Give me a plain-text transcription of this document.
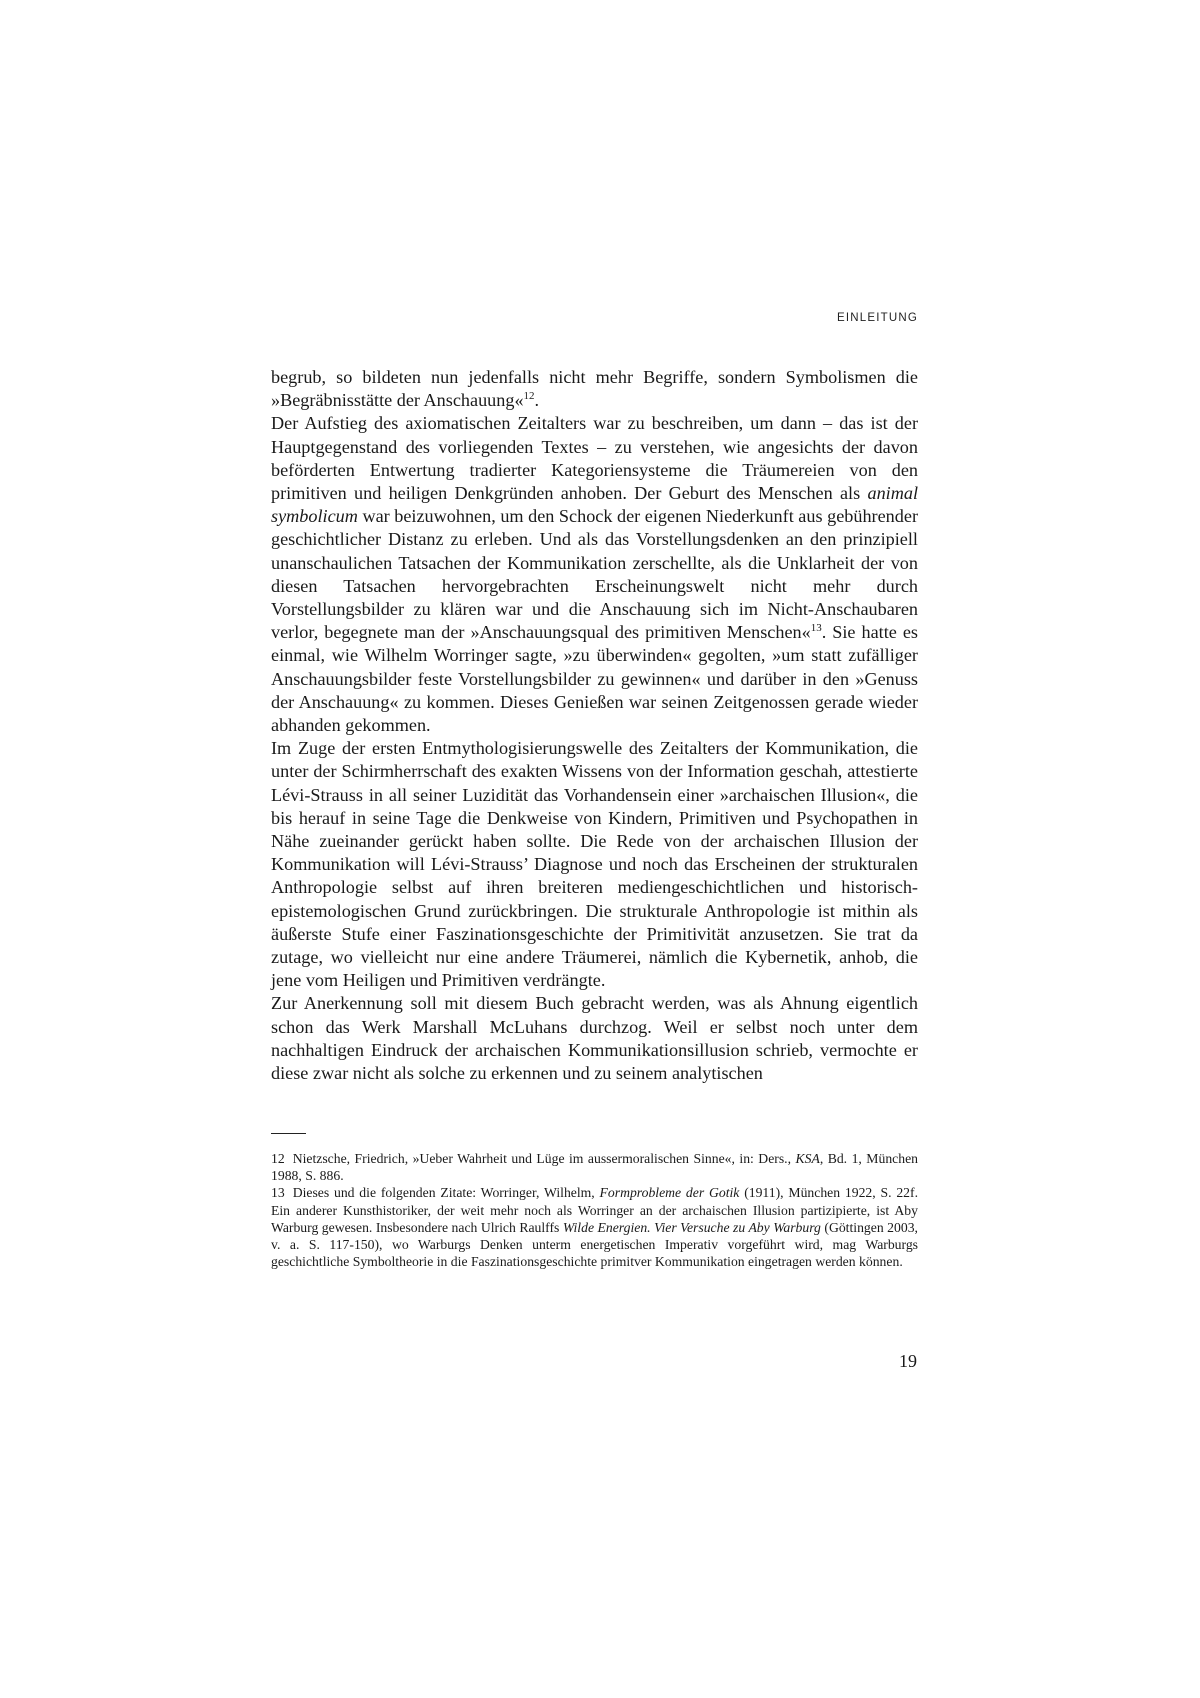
EINLEITUNG

begrub, so bildeten nun jedenfalls nicht mehr Begriffe, sondern Symbolismen die »Begräbnisstätte der Anschauung«$^{12}$.

Der Aufstieg des axiomatischen Zeitalters war zu beschreiben, um dann – das ist der Hauptgegenstand des vorliegenden Textes – zu verstehen, wie angesichts der davon beförderten Entwertung tradierter Kategoriensysteme die Träumereien von den primitiven und heiligen Denkgründen anhoben. Der Geburt des Menschen als animal symbolicum war beizuwohnen, um den Schock der eigenen Niederkunft aus gebührender geschichtlicher Distanz zu erleben. Und als das Vorstellungsdenken an den prinzipiell unanschaulichen Tatsachen der Kommunikation zerschellte, als die Unklarheit der von diesen Tatsachen hervorgebrachten Erscheinungswelt nicht mehr durch Vorstellungsbilder zu klären war und die Anschauung sich im Nicht-Anschaubaren verlor, begegnete man der »Anschauungsqual des primitiven Menschen«$^{13}$. Sie hatte es einmal, wie Wilhelm Worringer sagte, »zu überwinden« gegolten, »um statt zufälliger Anschauungsbilder feste Vorstellungsbilder zu gewinnen« und darüber in den »Genuss der Anschauung« zu kommen. Dieses Genießen war seinen Zeitgenossen gerade wieder abhanden gekommen.

Im Zuge der ersten Entmythologisierungswelle des Zeitalters der Kommunikation, die unter der Schirmherrschaft des exakten Wissens von der Information geschah, attestierte Lévi-Strauss in all seiner Luzidität das Vorhandensein einer »archaischen Illusion«, die bis herauf in seine Tage die Denkweise von Kindern, Primitiven und Psychopathen in Nähe zueinander gerückt haben sollte. Die Rede von der archaischen Illusion der Kommunikation will Lévi-Strauss’ Diagnose und noch das Erscheinen der strukturalen Anthropologie selbst auf ihren breiteren mediengeschichtlichen und historisch-epistemologischen Grund zurückbringen. Die strukturale Anthropologie ist mithin als äußerste Stufe einer Faszinationsgeschichte der Primitivität anzusetzen. Sie trat da zutage, wo vielleicht nur eine andere Träumerei, nämlich die Kybernetik, anhob, die jene vom Heiligen und Primitiven verdrängte.

Zur Anerkennung soll mit diesem Buch gebracht werden, was als Ahnung eigentlich schon das Werk Marshall McLuhans durchzog. Weil er selbst noch unter dem nachhaltigen Eindruck der archaischen Kommunikationsillusion schrieb, vermochte er diese zwar nicht als solche zu erkennen und zu seinem analytischen

12 Nietzsche, Friedrich, »Ueber Wahrheit und Lüge im aussermoralischen Sinne«, in: Ders., KSA, Bd. 1, München 1988, S. 886.

13 Dieses und die folgenden Zitate: Worringer, Wilhelm, Formprobleme der Gotik (1911), München 1922, S. 22f. Ein anderer Kunsthistoriker, der weit mehr noch als Worringer an der archaischen Illusion partizipierte, ist Aby Warburg gewesen. Insbesondere nach Ulrich Raulffs Wilde Energien. Vier Versuche zu Aby Warburg (Göttingen 2003, v. a. S. 117-150), wo Warburgs Denken unterm energetischen Imperativ vorgeführt wird, mag Warburgs geschichtliche Symboltheorie in die Faszinationsgeschichte primitver Kommunikation eingetragen werden können.

19
